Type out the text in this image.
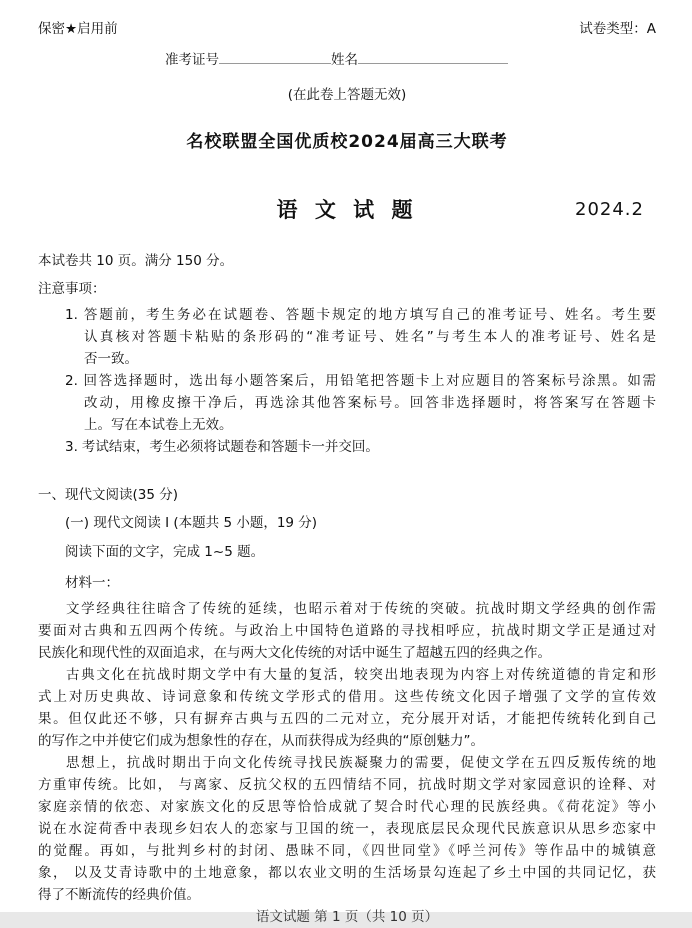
保密★启用前	试卷类型：A
准考证号	姓名
(在此卷上答题无效)
名校联盟全国优质校2024届高三大联考
语 文 试 题	2024.2
本试卷共 10 页。满分 150 分。
注意事项：
1. 答题前，考生务必在试题卷、答题卡规定的地方填写自己的准考证号、姓名。考生要
认真核对答题卡粘贴的条形码的“准考证号、姓名”与考生本人的准考证号、姓名是
否一致。
2. 回答选择题时，选出每小题答案后，用铅笔把答题卡上对应题目的答案标号涂黑。如需
改动，用橡皮擦干净后，再选涂其他答案标号。回答非选择题时，将答案写在答题卡
上。写在本试卷上无效。
3. 考试结束，考生必须将试题卷和答题卡一并交回。
一、现代文阅读(35 分)
(一) 现代文阅读 Ⅰ (本题共 5 小题，19 分)
阅读下面的文字，完成 1~5 题。
材料一：
文学经典往往暗含了传统的延续，也昭示着对于传统的突破。抗战时期文学经典的创作需
要面对古典和五四两个传统。与政治上中国特色道路的寻找相呼应，抗战时期文学正是通过对
民族化和现代性的双面追求，在与两大文化传统的对话中诞生了超越五四的经典之作。
古典文化在抗战时期文学中有大量的复活，较突出地表现为内容上对传统道德的肯定和形
式上对历史典故、诗词意象和传统文学形式的借用。这些传统文化因子增强了文学的宣传效
果。但仅此还不够，只有摒弃古典与五四的二元对立，充分展开对话，才能把传统转化到自己
的写作之中并使它们成为想象性的存在，从而获得成为经典的“原创魅力”。
思想上，抗战时期出于向文化传统寻找民族凝聚力的需要，促使文学在五四反叛传统的地
方重审传统。比如， 与离家、反抗父权的五四情结不同，抗战时期文学对家园意识的诠释、对
家庭亲情的依恋、对家族文化的反思等恰恰成就了契合时代心理的民族经典。《荷花淀》等小
说在水淀荷香中表现乡妇农人的恋家与卫国的统一，表现底层民众现代民族意识从思乡恋家中
的觉醒。再如，与批判乡村的封闭、愚昧不同，《四世同堂》《呼兰河传》等作品中的城镇意
象， 以及艾青诗歌中的土地意象，都以农业文明的生活场景勾连起了乡土中国的共同记忆，获
得了不断流传的经典价值。
语文试题 第 1 页（共 10 页）
